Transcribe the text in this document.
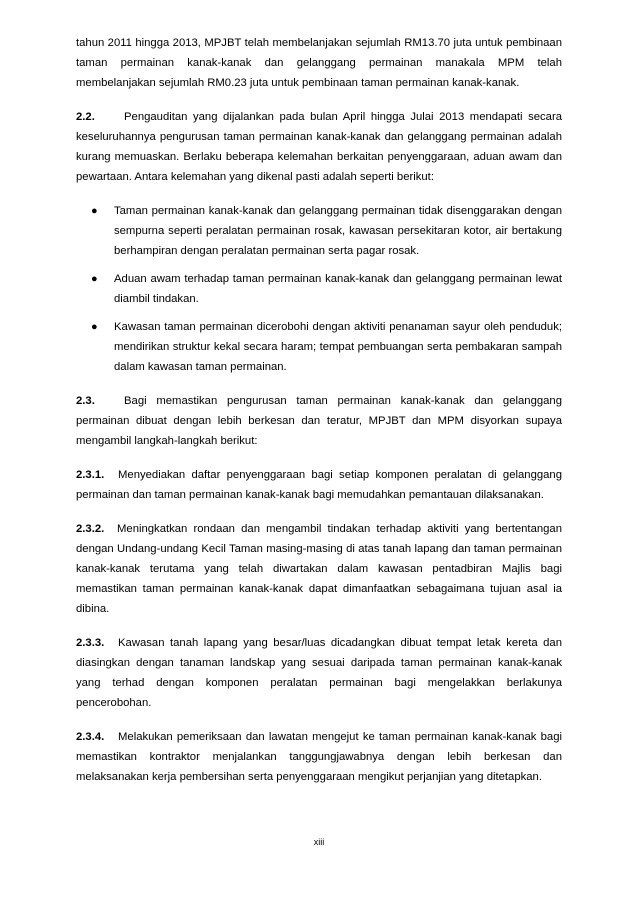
tahun 2011 hingga 2013, MPJBT telah membelanjakan sejumlah RM13.70 juta untuk pembinaan taman permainan kanak-kanak dan gelanggang permainan manakala MPM telah membelanjakan sejumlah RM0.23 juta untuk pembinaan taman permainan kanak-kanak.

2.2.	Pengauditan yang dijalankan pada bulan April hingga Julai 2013 mendapati secara keseluruhannya pengurusan taman permainan kanak-kanak dan gelanggang permainan adalah kurang memuaskan. Berlaku beberapa kelemahan berkaitan penyenggaraan, aduan awam dan pewartaan. Antara kelemahan yang dikenal pasti adalah seperti berikut:

● Taman permainan kanak-kanak dan gelanggang permainan tidak disenggarakan dengan sempurna seperti peralatan permainan rosak, kawasan persekitaran kotor, air bertakung berhampiran dengan peralatan permainan serta pagar rosak.
● Aduan awam terhadap taman permainan kanak-kanak dan gelanggang permainan lewat diambil tindakan.
● Kawasan taman permainan dicerobohi dengan aktiviti penanaman sayur oleh penduduk; mendirikan struktur kekal secara haram; tempat pembuangan serta pembakaran sampah dalam kawasan taman permainan.

2.3.	Bagi memastikan pengurusan taman permainan kanak-kanak dan gelanggang permainan dibuat dengan lebih berkesan dan teratur, MPJBT dan MPM disyorkan supaya mengambil langkah-langkah berikut:

2.3.1. Menyediakan daftar penyenggaraan bagi setiap komponen peralatan di gelanggang permainan dan taman permainan kanak-kanak bagi memudahkan pemantauan dilaksanakan.

2.3.2. Meningkatkan rondaan dan mengambil tindakan terhadap aktiviti yang bertentangan dengan Undang-undang Kecil Taman masing-masing di atas tanah lapang dan taman permainan kanak-kanak terutama yang telah diwartakan dalam kawasan pentadbiran Majlis bagi memastikan taman permainan kanak-kanak dapat dimanfaatkan sebagaimana tujuan asal ia dibina.

2.3.3. Kawasan tanah lapang yang besar/luas dicadangkan dibuat tempat letak kereta dan diasingkan dengan tanaman landskap yang sesuai daripada taman permainan kanak-kanak yang terhad dengan komponen peralatan permainan bagi mengelakkan berlakunya pencerobohan.

2.3.4. Melakukan pemeriksaan dan lawatan mengejut ke taman permainan kanak-kanak bagi memastikan kontraktor menjalankan tanggungjawabnya dengan lebih berkesan dan melaksanakan kerja pembersihan serta penyenggaraan mengikut perjanjian yang ditetapkan.

xiii
